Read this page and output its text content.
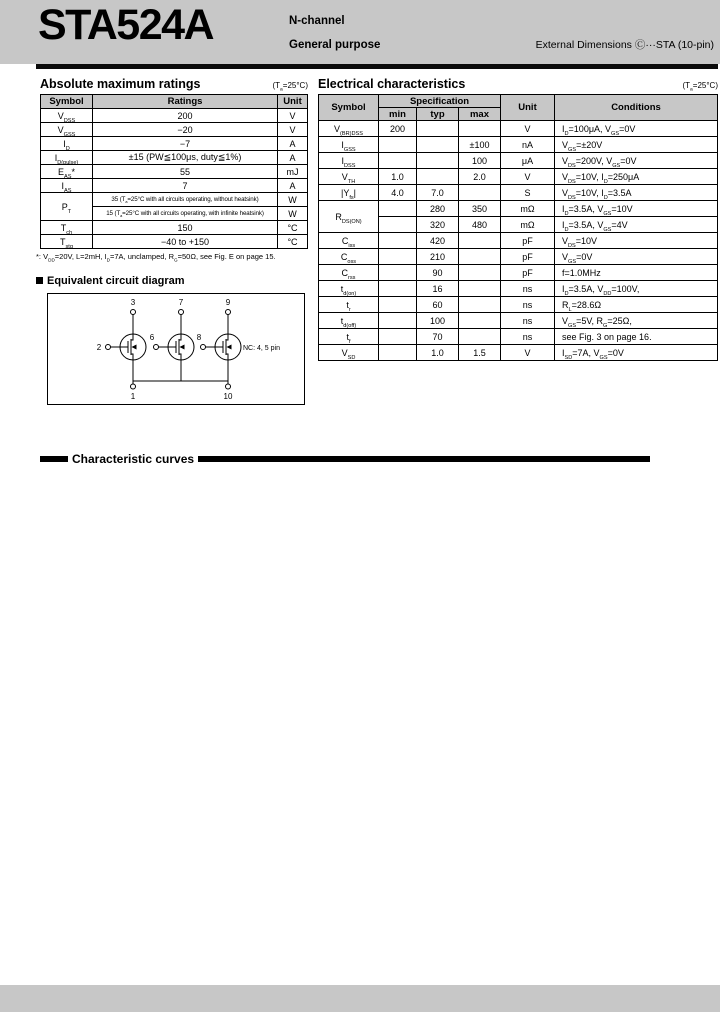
STA524A	N-channel
General purpose	External Dimensions Ⓒ···STA (10-pin)
Absolute maximum ratings	$(T_a=25^\circ C)$
Symbol	Ratings	Unit
$V_{DSS}$	200	V
$V_{GSS}$	−20	V
$I_D$	−7	A
$I_{D(pulse)}$	±15 (PW≦100μs, duty≦1%)	A
$E_{AS}*$	55	mJ
$I_{AS}$	7	A
$P_T$	35 ($T_a=25^\circ C$ with all circuits operating, without heatsink)	W
	15 ($T_a=25^\circ C$ with all circuits operating, with infinite heatsink)	W
$T_{ch}$	150	°C
$T_{stg}$	−40 to +150	°C

*: $V_{DD}=20V$, L=2mH, $I_D=7A$, unclamped, $R_G=50\Omega$, see Fig. E on page 15.

Equivalent circuit diagram
3	7	9
2
6	8
1	10
NC: 4, 5 pin
Electrical characteristics	$(T_a=25^\circ C)$
Symbol	Specification			Unit	Conditions
	min	typ	max		
$V_{(BR)DSS}$	200			V	$I_D=100\mu A$, $V_{GS}=0V$
$I_{GSS}$			±100	nA	$V_{GS}=\pm 20V$
$I_{DSS}$			100	μA	$V_{DS}=200V$, $V_{GS}=0V$
$V_{TH}$	1.0		2.0	V	$V_{DS}=10V$, $I_D=250\mu A$
$|Y_{fs}|$	4.0	7.0		S	$V_{DS}=10V$, $I_D=3.5A$
$R_{DS(ON)}$		280	350	mΩ	$I_D=3.5A$, $V_{GS}=10V$
		320	480	mΩ	$I_D=3.5A$, $V_{GS}=4V$
$C_{iss}$		420		pF	$V_{DS}=10V$
$C_{oss}$		210		pF	$V_{GS}=0V$
$C_{rss}$		90		pF	f=1.0MHz
$t_{d(on)}$		16		ns	$I_D=3.5A$, $V_{DD}=100V$,
$t_r$		60		ns	$R_L=28.6\Omega$
$t_{d(off)}$		100		ns	$V_{GS}=5V$, $R_G=25\Omega$,
$t_f$		70		ns	see Fig. 3 on page 16.
$V_{SD}$		1.0	1.5	V	$I_{SD}=7A$, $V_{GS}=0V$
Characteristic curves
